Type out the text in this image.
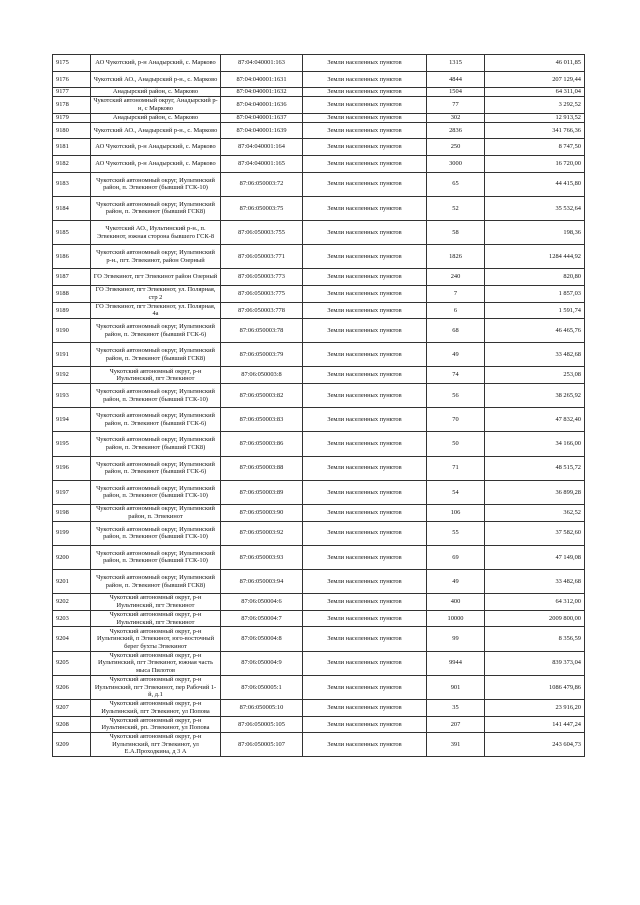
9175	АО Чукотский, р-н Анадырский, с. Марково	87:04:040001:163	Земли населенных пунктов	1315	46 011,85
9176	Чукотский АО., Анадырский р-н., с. Марково	87:04:040001:1631	Земли населенных пунктов	4844	207 129,44
9177	Анадырский район, с. Марково	87:04:040001:1632	Земли населенных пунктов	1504	64 311,04
9178	Чукотский автономный округ, Анадырский р-н, с Марково	87:04:040001:1636	Земли населенных пунктов	77	3 292,52
9179	Анадырский район, с. Марково	87:04:040001:1637	Земли населенных пунктов	302	12 913,52
9180	Чукотский АО., Анадырский р-н., с. Марково	87:04:040001:1639	Земли населенных пунктов	2836	341 766,36
9181	АО Чукотский, р-н Анадырский, с. Марково	87:04:040001:164	Земли населенных пунктов	250	8 747,50
9182	АО Чукотский, р-н Анадырский, с. Марково	87:04:040001:165	Земли населенных пунктов	3000	16 720,00
9183	Чукотский автономный округ, Иультинский район, п. Эгвекинот (бывший ГСК-10)	87:06:050003:72	Земли населенных пунктов	65	44 415,80
9184	Чукотский автономный округ, Иультинский район, п. Эгвекинот (бывший ГСК8)	87:06:050003:75	Земли населенных пунктов	52	35 532,64
9185	Чукотский АО., Иультинский р-н., п. Эгвекинот, южная сторона бывшего ГСК-8	87:06:050003:755	Земли населенных пунктов	58	198,36
9186	Чукотский автономный округ, Иультинский р-н., пгт. Эгвекинот, район Озерный	87:06:050003:771	Земли населенных пунктов	1826	1284 444,92
9187	ГО Эгвекинот, пгт Эгвекинот район Озерный	87:06:050003:773	Земли населенных пунктов	240	820,80
9188	ГО Эгвекинот, пгт Эгвекинот, ул. Полярная, стр 2	87:06:050003:775	Земли населенных пунктов	7	1 857,03
9189	ГО Эгвекинот, пгт Эгвекинот, ул. Полярная, 4а	87:06:050003:778	Земли населенных пунктов	6	1 591,74
9190	Чукотский автономный округ, Иультинский район, п. Эгвекинот (бывший ГСК-6)	87:06:050003:78	Земли населенных пунктов	68	46 465,76
9191	Чукотский автономный округ, Иультинский район, п. Эгвекинот (бывший ГСК8)	87:06:050003:79	Земли населенных пунктов	49	33 482,68
9192	Чукотский автономный округ, р-н Иультинский, пгт Эгвекинот	87:06:050003:8	Земли населенных пунктов	74	253,08
9193	Чукотский автономный округ, Иультинский район, п. Эгвекинот (бывший ГСК-10)	87:06:050003:82	Земли населенных пунктов	56	38 265,92
9194	Чукотский автономный округ, Иультинский район, п. Эгвекинот (бывший ГСК-6)	87:06:050003:83	Земли населенных пунктов	70	47 832,40
9195	Чукотский автономный округ, Иультинский район, п. Эгвекинот (бывший ГСК8)	87:06:050003:86	Земли населенных пунктов	50	34 166,00
9196	Чукотский автономный округ, Иультинский район, п. Эгвекинот (бывший ГСК-6)	87:06:050003:88	Земли населенных пунктов	71	48 515,72
9197	Чукотский автономный округ, Иультинский район, п. Эгвекинот (бывший ГСК-10)	87:06:050003:89	Земли населенных пунктов	54	36 899,28
9198	Чукотский автономный округ, Иультинский район, п. Эгвекинот	87:06:050003:90	Земли населенных пунктов	106	362,52
9199	Чукотский автономный округ, Иультинский район, п. Эгвекинот (бывший ГСК-10)	87:06:050003:92	Земли населенных пунктов	55	37 582,60
9200	Чукотский автономный округ, Иультинский район, п. Эгвекинот (бывший ГСК-10)	87:06:050003:93	Земли населенных пунктов	69	47 149,08
9201	Чукотский автономный округ, Иультинский район, п. Эгвекинот (бывший ГСК8)	87:06:050003:94	Земли населенных пунктов	49	33 482,68
9202	Чукотский автономный округ, р-н Иультинский, пгт Эгвекинот	87:06:050004:6	Земли населенных пунктов	400	64 312,00
9203	Чукотский автономный округ, р-н Иультинский, пгт Эгвекинот	87:06:050004:7	Земли населенных пунктов	10000	2009 800,00
9204	Чукотский автономный округ, р-н Иультинский, п Эгвекинот, юго-восточный берег бухты Эгвекинот	87:06:050004:8	Земли населенных пунктов	99	8 356,59
9205	Чукотский автономный округ, р-н Иультинский, пгт Эгвекинот, южная часть мыса Пилотов	87:06:050004:9	Земли населенных пунктов	9944	839 373,04
9206	Чукотский автономный округ, р-н Иультинский, пгт Эгвекинот, пер Рабочий 1-й, д.1	87:06:050005:1	Земли населенных пунктов	901	1086 479,86
9207	Чукотский автономный округ, р-н Иультинский, пгт Эгвекинот, ул Попова	87:06:050005:10	Земли населенных пунктов	35	23 916,20
9208	Чукотский автономный округ, р-н Иультинский, рп. Эгвекинот, ул Попова	87:06:050005:105	Земли населенных пунктов	207	141 447,24
9209	Чукотский автономный округ, р-н Иультинский, пгт Эгвекинот, ул Е.А.Проходкина, д 3 А	87:06:050005:107	Земли населенных пунктов	391	243 604,73
